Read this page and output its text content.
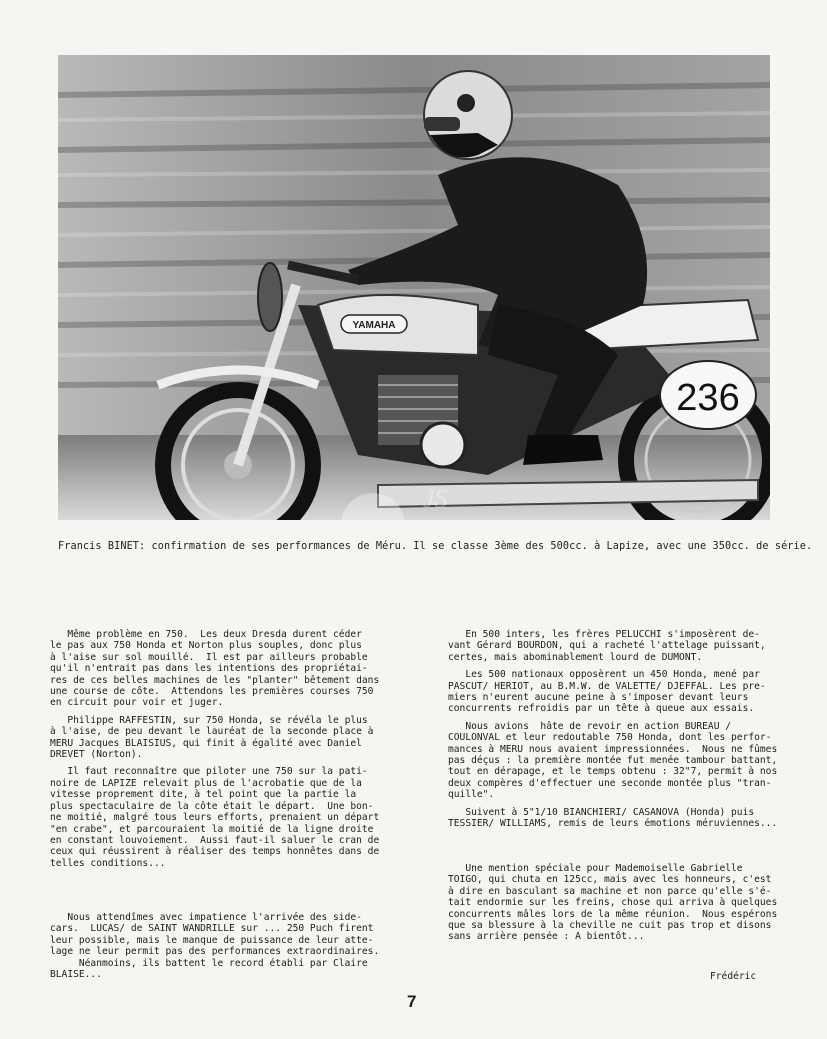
YAMAHA
236
JS
Francis BINET: confirmation de ses performances de Méru. Il se classe 3ème des 500cc. à Lapize, avec une 350cc. de série.

Même problème en 750.  Les deux Dresda durent céder
le pas aux 750 Honda et Norton plus souples, donc plus
à l'aise sur sol mouillé.  Il est par ailleurs probable
qu'il n'entrait pas dans les intentions des propriétai-
res de ces belles machines de les "planter" bêtement dans
une course de côte.  Attendons les premières courses 750
en circuit pour voir et juger.

Philippe RAFFESTIN, sur 750 Honda, se révéla le plus
à l'aise, de peu devant le lauréat de la seconde place à
MERU Jacques BLAISIUS, qui finit à égalité avec Daniel
DREVET (Norton).

Il faut reconnaître que piloter une 750 sur la pati-
noire de LAPIZE relevait plus de l'acrobatie que de la
vitesse proprement dite, à tel point que la partie la
plus spectaculaire de la côte était le départ.  Une bon-
ne moitié, malgré tous leurs efforts, prenaient un départ
"en crabe", et parcouraient la moitié de la ligne droite
en constant louvoiement.  Aussi faut-il saluer le cran de
ceux qui réussirent à réaliser des temps honnêtes dans de
telles conditions...

Nous attendîmes avec impatience l'arrivée des side-
cars.  LUCAS/ de SAINT WANDRILLE sur ... 250 Puch firent
leur possible, mais le manque de puissance de leur atte-
lage ne leur permit pas des performances extraordinaires.
Néanmoins, ils battent le record établi par Claire
BLAISE...

En 500 inters, les frères PELUCCHI s'imposèrent de-
vant Gérard BOURDON, qui a racheté l'attelage puissant,
certes, mais abominablement lourd de DUMONT.

Les 500 nationaux opposèrent un 450 Honda, mené par
PASCUT/ HERIOT, au B.M.W. de VALETTE/ DJEFFAL. Les pre-
miers n'eurent aucune peine à s'imposer devant leurs
concurrents refroidis par un tête à queue aux essais.

Nous avions  hâte de revoir en action BUREAU /
COULONVAL et leur redoutable 750 Honda, dont les perfor-
mances à MERU nous avaient impressionnées.  Nous ne fûmes
pas déçus : la première montée fut menée tambour battant,
tout en dérapage, et le temps obtenu : 32"7, permit à nos
deux compères d'effectuer une seconde montée plus "tran-
quille".

Suivent à 5"1/10 BIANCHIERI/ CASANOVA (Honda) puis
TESSIER/ WILLIAMS, remis de leurs émotions méruviennes...

Une mention spéciale pour Mademoiselle Gabrielle
TOIGO, qui chuta en 125cc, mais avec les honneurs, c'est
à dire en basculant sa machine et non parce qu'elle s'é-
tait endormie sur les freins, chose qui arriva à quelques
concurrents mâles lors de la même réunion.  Nous espérons
que sa blessure à la cheville ne cuit pas trop et disons
sans arrière pensée : A bientôt...

Frédéric
7
